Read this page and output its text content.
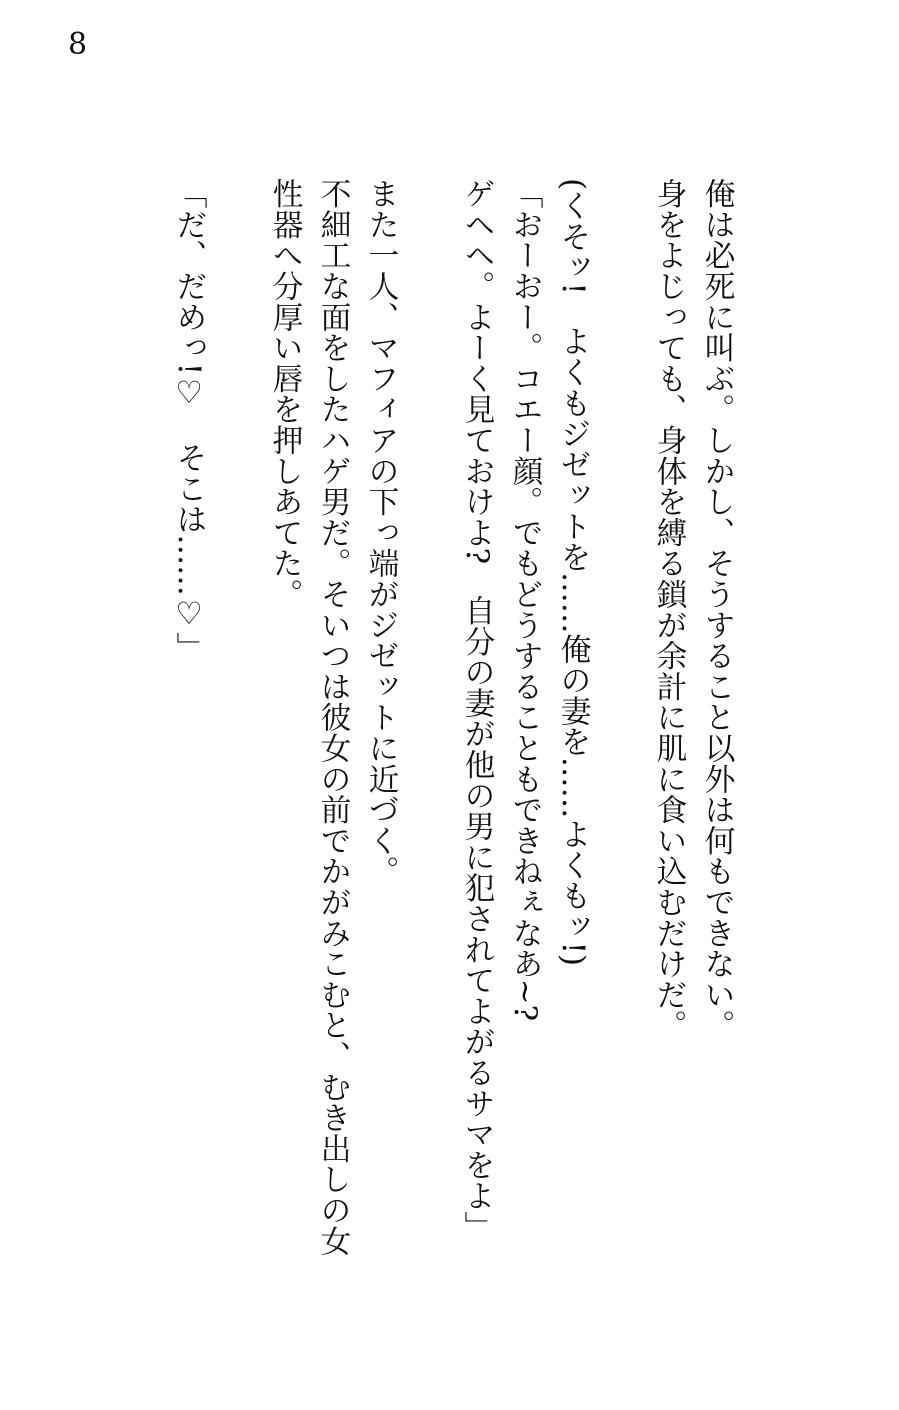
8
俺は必死に叫ぶ。しかし、そうすること以外は何もできない。
身をよじっても、身体を縛る鎖が余計に肌に食い込むだけだ。
(くそッ!　よくもジゼットを……俺の妻を……よくもッ!)
「おーおー。コエー顔。でもどうすることもできねぇなあ~?
ゲヘヘ。よーく見ておけよ?　自分の妻が他の男に犯されてよがるサマをよ」
また一人、マフィアの下っ端がジゼットに近づく。
不細工な面をしたハゲ男だ。そいつは彼女の前でかがみこむと、むき出しの女
性器へ分厚い唇を押しあてた。
「だ、だめっ!♡　そこは……♡」
